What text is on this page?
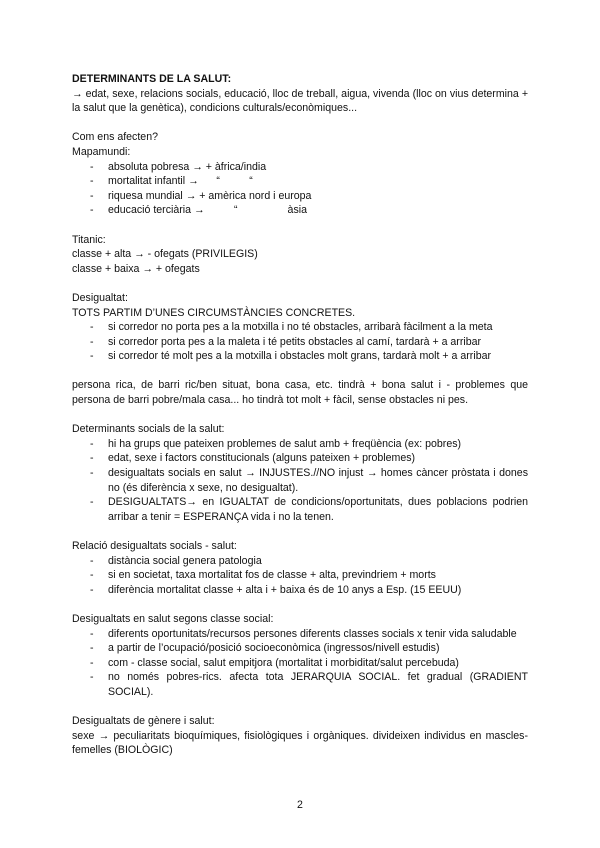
DETERMINANTS DE LA SALUT:
→ edat, sexe, relacions socials, educació, lloc de treball, aigua, vivenda (lloc on vius determina + la salut que la genètica), condicions culturals/econòmiques...
Com ens afecten?
Mapamundi:
- absoluta pobresa → + àfrica/india
- mortalitat infantil →      “          “
- riquesa mundial → + amèrica nord i europa
- educació terciària →          “                 àsia
Titanic:
classe + alta → - ofegats (PRIVILEGIS)
classe + baixa → + ofegats
Desigualtat:
TOTS PARTIM D’UNES CIRCUMSTÀNCIES CONCRETES.
- si corredor no porta pes a la motxilla i no té obstacles, arribarà fàcilment a la meta
- si corredor porta pes a la maleta i té petits obstacles al camí, tardarà + a arribar
- si corredor té molt pes a la motxilla i obstacles molt grans, tardarà molt + a arribar
persona rica, de barri ric/ben situat, bona casa, etc. tindrà + bona salut i - problemes que persona de barri pobre/mala casa... ho tindrà tot molt + fàcil, sense obstacles ni pes.
Determinants socials de la salut:
- hi ha grups que pateixen problemes de salut amb + freqüència (ex: pobres)
- edat, sexe i factors constitucionals (alguns pateixen + problemes)
- desigualtats socials en salut → INJUSTES.//NO injust → homes càncer pròstata i dones no (és diferència x sexe, no desigualtat).
- DESIGUALTATS→ en IGUALTAT de condicions/oportunitats, dues poblacions podrien arribar a tenir = ESPERANÇA vida i no la tenen.
Relació desigualtats socials - salut:
- distància social genera patologia
- si en societat, taxa mortalitat fos de classe + alta, previndriem + morts
- diferència mortalitat classe + alta i + baixa és de 10 anys a Esp. (15 EEUU)
Desigualtats en salut segons classe social:
- diferents oportunitats/recursos persones diferents classes socials x tenir vida saludable
- a partir de l’ocupació/posició socioeconòmica (ingressos/nivell estudis)
- com - classe social, salut empitjora (mortalitat i morbiditat/salut percebuda)
- no només pobres-rics. afecta tota JERARQUIA SOCIAL. fet gradual (GRADIENT SOCIAL).
Desigualtats de gènere i salut:
sexe → peculiaritats bioquímiques, fisiològiques i orgàniques. divideixen individus en mascles-femelles (BIOLÒGIC)
2
